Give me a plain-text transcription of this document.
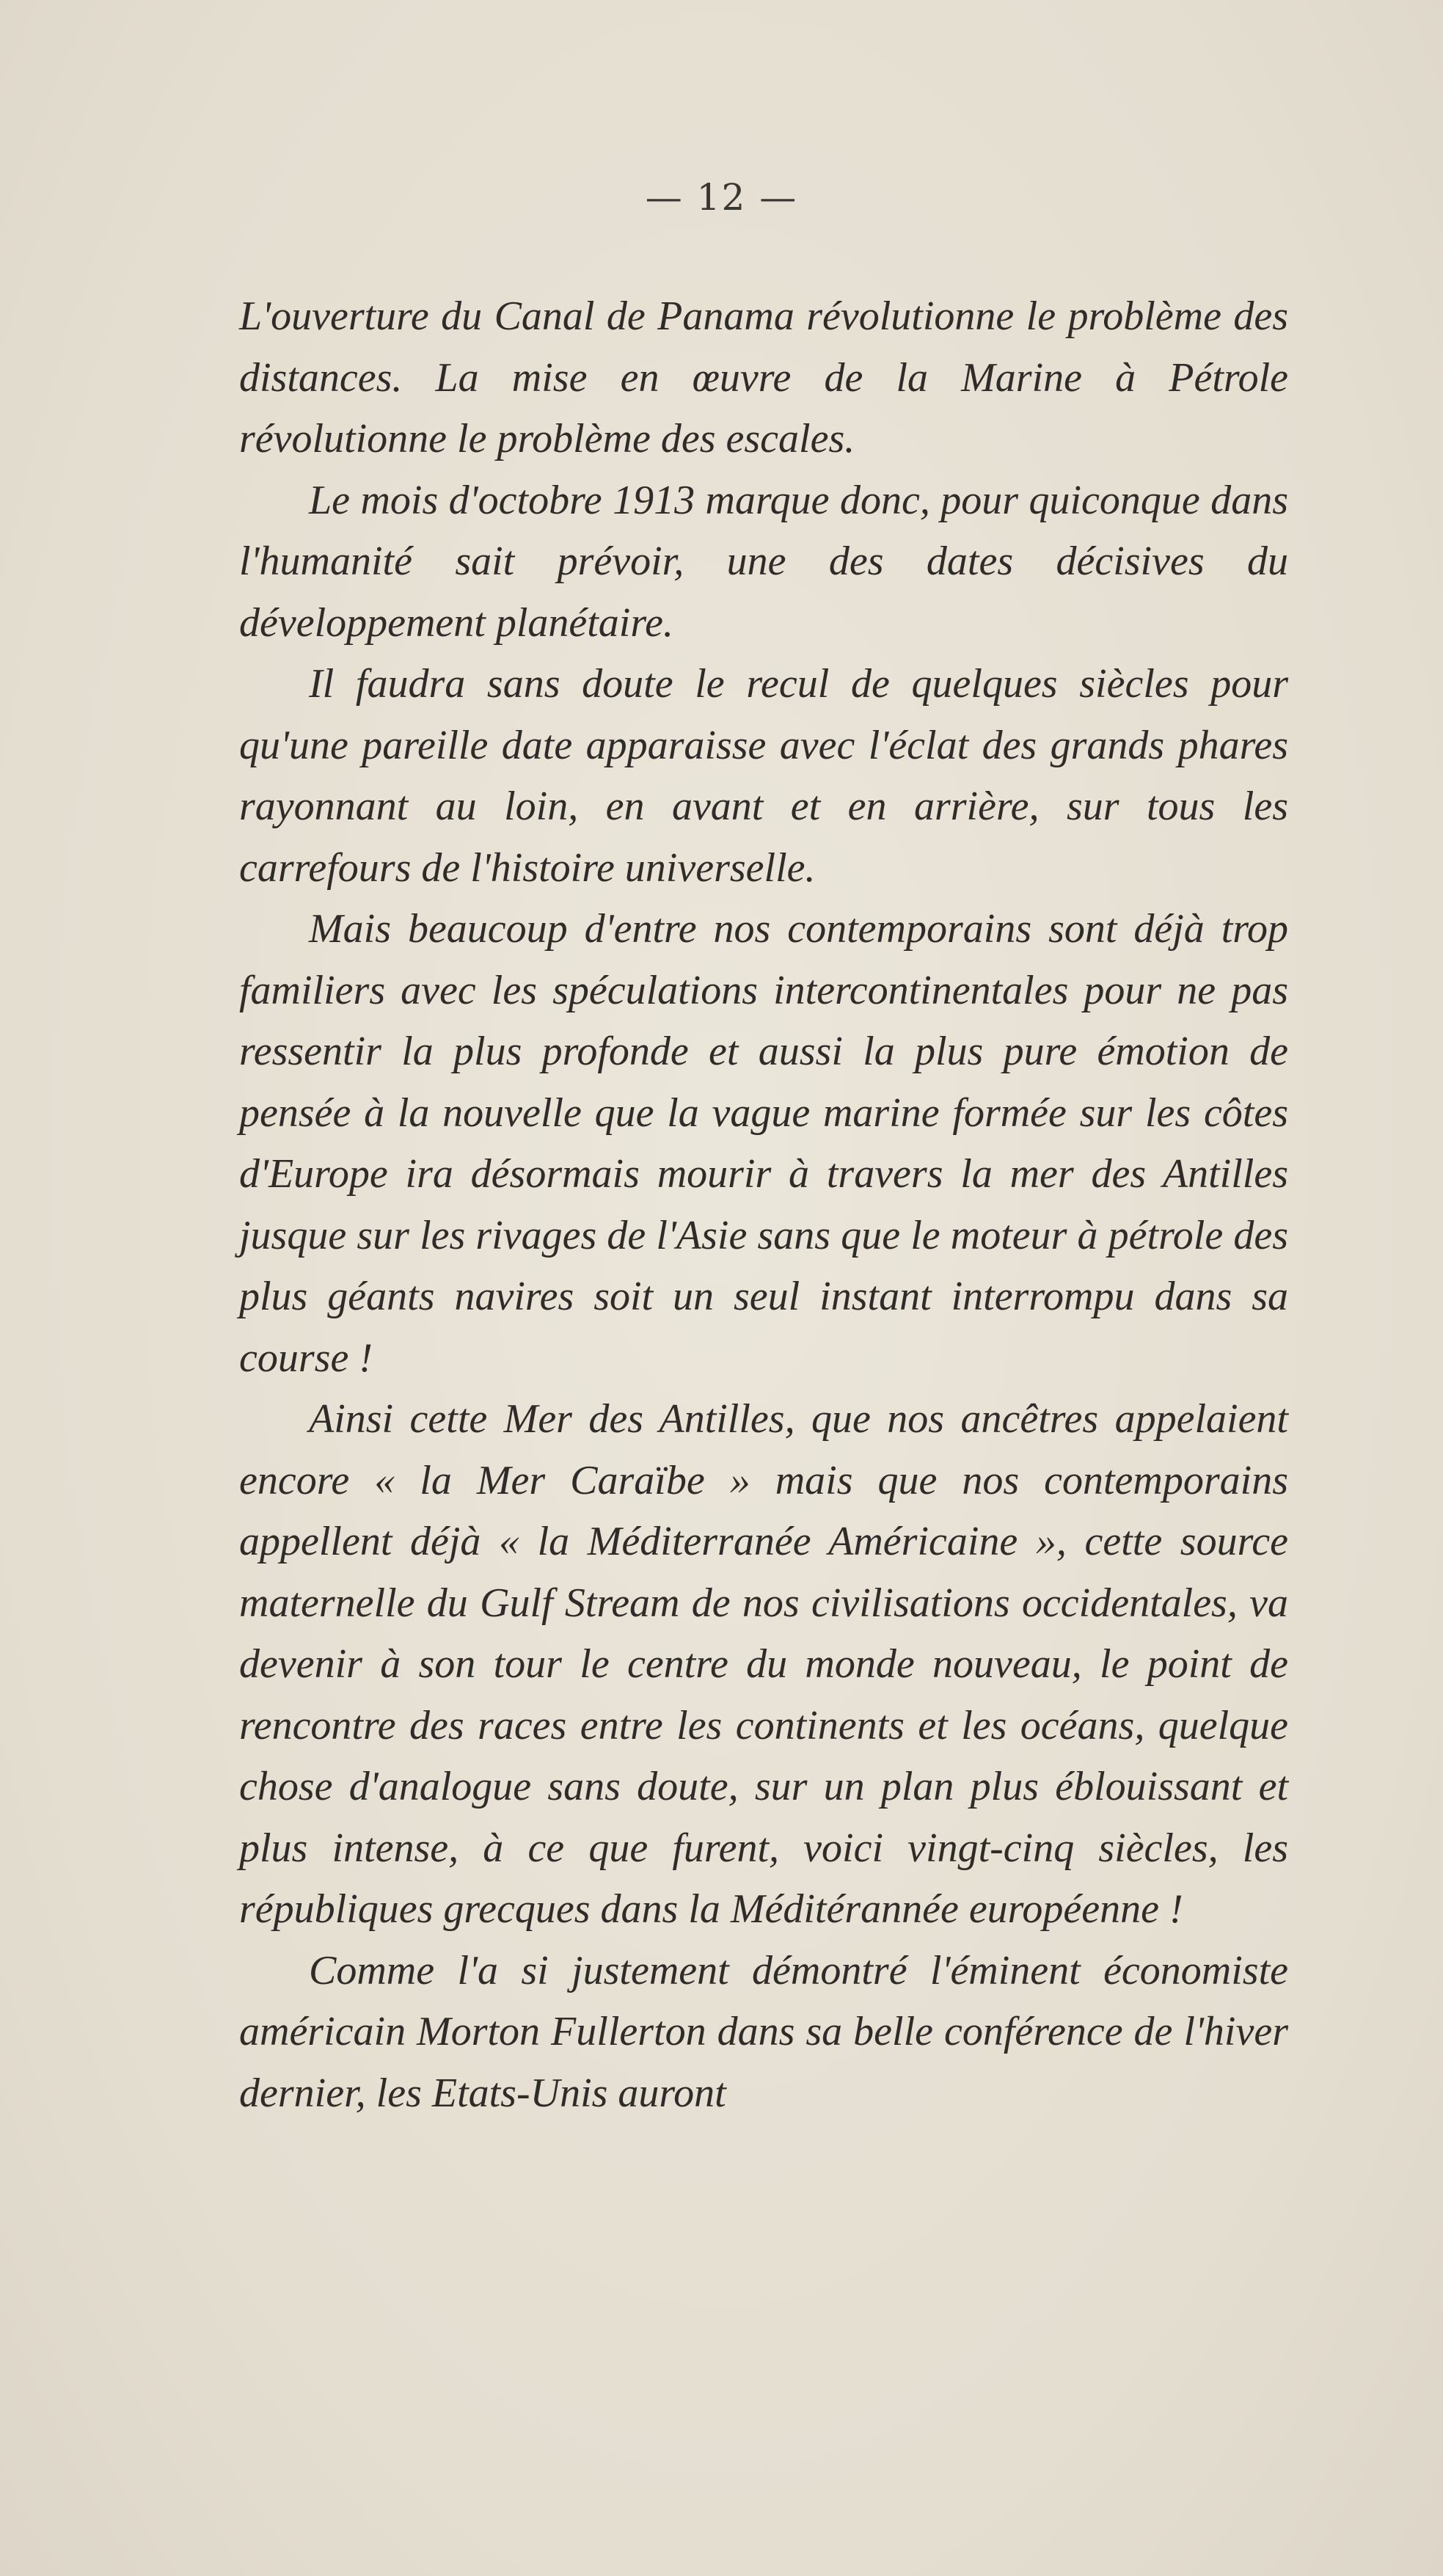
— 12 —

L'ouverture du Canal de Panama révolutionne le problème des distances. La mise en œuvre de la Marine à Pétrole révolutionne le problème des escales.

Le mois d'octobre 1913 marque donc, pour quiconque dans l'humanité sait prévoir, une des dates décisives du développement planétaire.

Il faudra sans doute le recul de quelques siècles pour qu'une pareille date apparaisse avec l'éclat des grands phares rayonnant au loin, en avant et en arrière, sur tous les carrefours de l'histoire universelle.

Mais beaucoup d'entre nos contemporains sont déjà trop familiers avec les spéculations intercontinentales pour ne pas ressentir la plus profonde et aussi la plus pure émotion de pensée à la nouvelle que la vague marine formée sur les côtes d'Europe ira désormais mourir à travers la mer des Antilles jusque sur les rivages de l'Asie sans que le moteur à pétrole des plus géants navires soit un seul instant interrompu dans sa course !

Ainsi cette Mer des Antilles, que nos ancêtres appelaient encore « la Mer Caraïbe » mais que nos contemporains appellent déjà « la Méditerranée Américaine », cette source maternelle du Gulf Stream de nos civilisations occidentales, va devenir à son tour le centre du monde nouveau, le point de rencontre des races entre les continents et les océans, quelque chose d'analogue sans doute, sur un plan plus éblouissant et plus intense, à ce que furent, voici vingt-cinq siècles, les républiques grecques dans la Méditérannée européenne !

Comme l'a si justement démontré l'éminent économiste américain Morton Fullerton dans sa belle conférence de l'hiver dernier, les Etats-Unis auront
